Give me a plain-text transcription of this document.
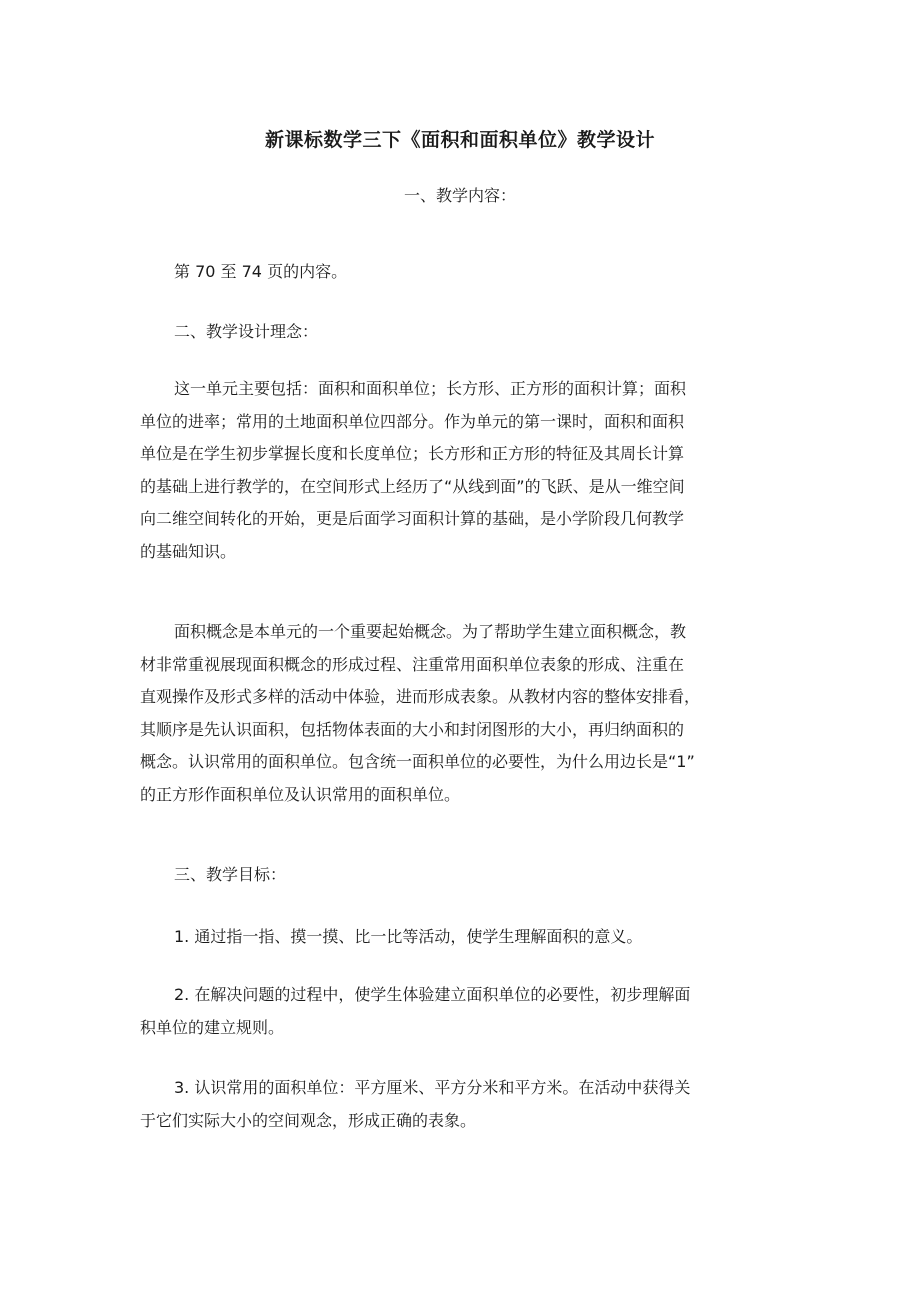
新课标数学三下《面积和面积单位》教学设计
一、教学内容：

第 70 至 74 页的内容。

二、教学设计理念：

这一单元主要包括：面积和面积单位；长方形、正方形的面积计算；面积
单位的进率；常用的土地面积单位四部分。作为单元的第一课时，面积和面积
单位是在学生初步掌握长度和长度单位；长方形和正方形的特征及其周长计算
的基础上进行教学的，在空间形式上经历了“从线到面”的飞跃、是从一维空间
向二维空间转化的开始，更是后面学习面积计算的基础，是小学阶段几何教学
的基础知识。

面积概念是本单元的一个重要起始概念。为了帮助学生建立面积概念，教
材非常重视展现面积概念的形成过程、注重常用面积单位表象的形成、注重在
直观操作及形式多样的活动中体验，进而形成表象。从教材内容的整体安排看，
其顺序是先认识面积，包括物体表面的大小和封闭图形的大小，再归纳面积的
概念。认识常用的面积单位。包含统一面积单位的必要性，为什么用边长是“1”
的正方形作面积单位及认识常用的面积单位。

三、教学目标：

1. 通过指一指、摸一摸、比一比等活动，使学生理解面积的意义。

2. 在解决问题的过程中，使学生体验建立面积单位的必要性，初步理解面
积单位的建立规则。

3. 认识常用的面积单位：平方厘米、平方分米和平方米。在活动中获得关
于它们实际大小的空间观念，形成正确的表象。
